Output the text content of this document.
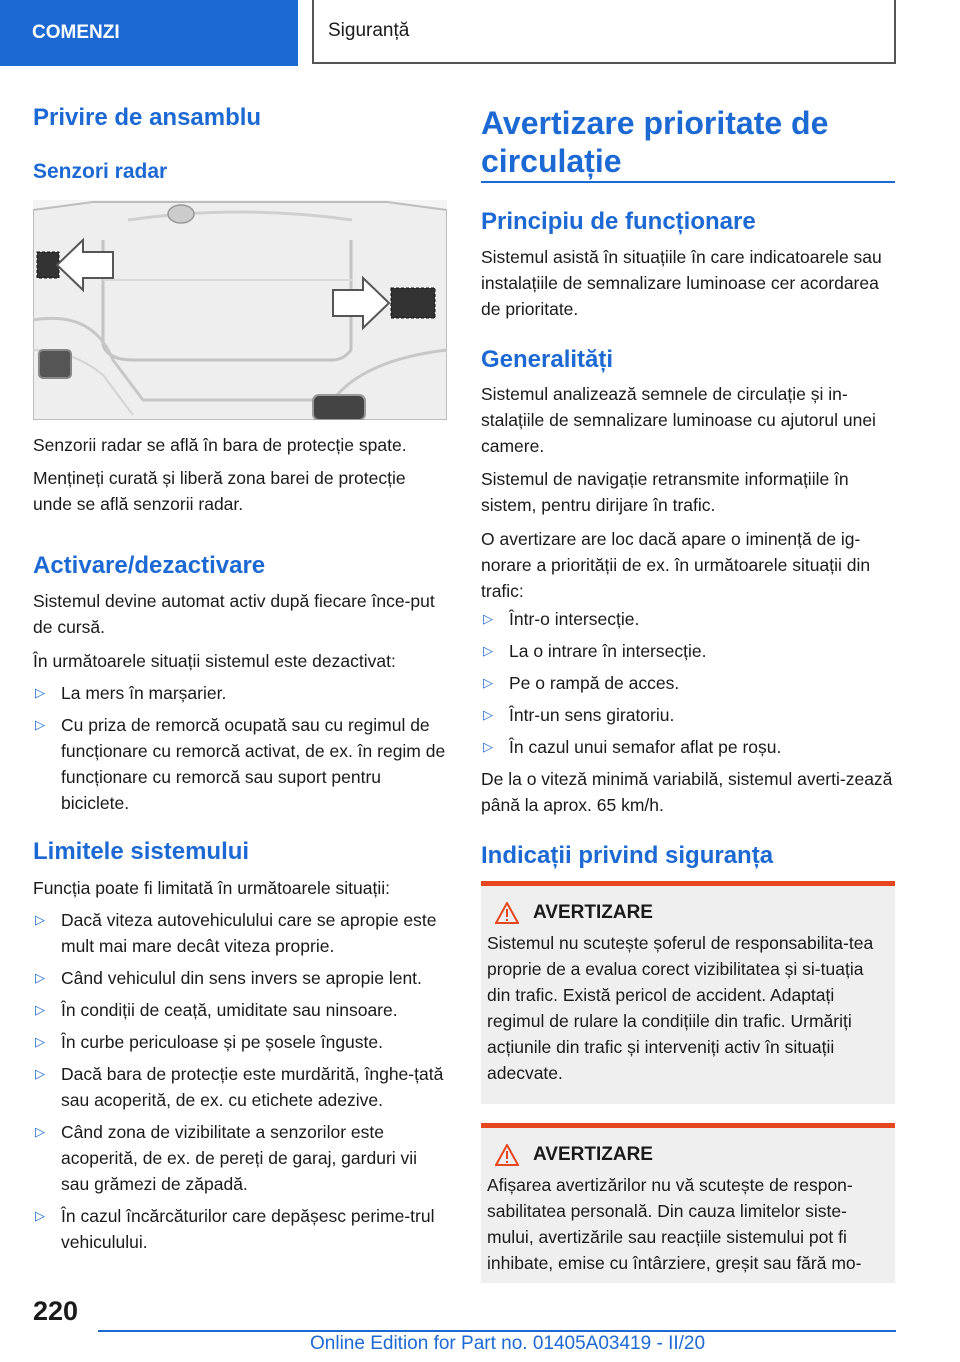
COMENZI	Siguranță
Privire de ansamblu
Senzori radar

Senzorii radar se află în bara de protecție spate.

Mențineți curată și liberă zona barei de protecție unde se află senzorii radar.

Activare/dezactivare

Sistemul devine automat activ după fiecare înce-put de cursă.

În următoarele situații sistemul este dezactivat:

▷ La mers în marșarier.
▷ Cu priza de remorcă ocupată sau cu regimul de funcționare cu remorcă activat, de ex. în regim de funcționare cu remorcă sau suport pentru biciclete.
Limitele sistemului

Funcția poate fi limitată în următoarele situații:

▷ Dacă viteza autovehiculului care se apropie este mult mai mare decât viteza proprie.
▷ Când vehiculul din sens invers se apropie lent.
▷ În condiții de ceață, umiditate sau ninsoare.
▷ În curbe periculoase și pe șosele înguste.
▷ Dacă bara de protecție este murdărită, înghe-țată sau acoperită, de ex. cu etichete adezive.
▷ Când zona de vizibilitate a senzorilor este acoperită, de ex. de pereți de garaj, garduri vii sau grămezi de zăpadă.
▷ În cazul încărcăturilor care depășesc perime-trul vehiculului.
Avertizare prioritate de circulație
Principiu de funcționare

Sistemul asistă în situațiile în care indicatoarele sau instalațiile de semnalizare luminoase cer acordarea de prioritate.

Generalități

Sistemul analizează semnele de circulație și in-stalațiile de semnalizare luminoase cu ajutorul unei camere.

Sistemul de navigație retransmite informațiile în sistem, pentru dirijare în trafic.

O avertizare are loc dacă apare o iminență de ig-norare a priorității de ex. în următoarele situații din trafic:

▷ Într-o intersecție.
▷ La o intrare în intersecție.
▷ Pe o rampă de acces.
▷ Într-un sens giratoriu.
▷ În cazul unui semafor aflat pe roșu.

De la o viteză minimă variabilă, sistemul averti-zează până la aprox. 65 km/h.

Indicații privind siguranța
AVERTIZARE
Sistemul nu scutește șoferul de responsabilita-tea proprie de a evalua corect vizibilitatea și si-tuația din trafic. Există pericol de accident. Adaptați regimul de rulare la condițiile din trafic. Urmăriți acțiunile din trafic și interveniți activ în situații adecvate.
AVERTIZARE
Afișarea avertizărilor nu vă scutește de respon-sabilitatea personală. Din cauza limitelor siste-mului, avertizările sau reacțiile sistemului pot fi inhibate, emise cu întârziere, greșit sau fără mo-
220
Online Edition for Part no. 01405A03419 - II/20
